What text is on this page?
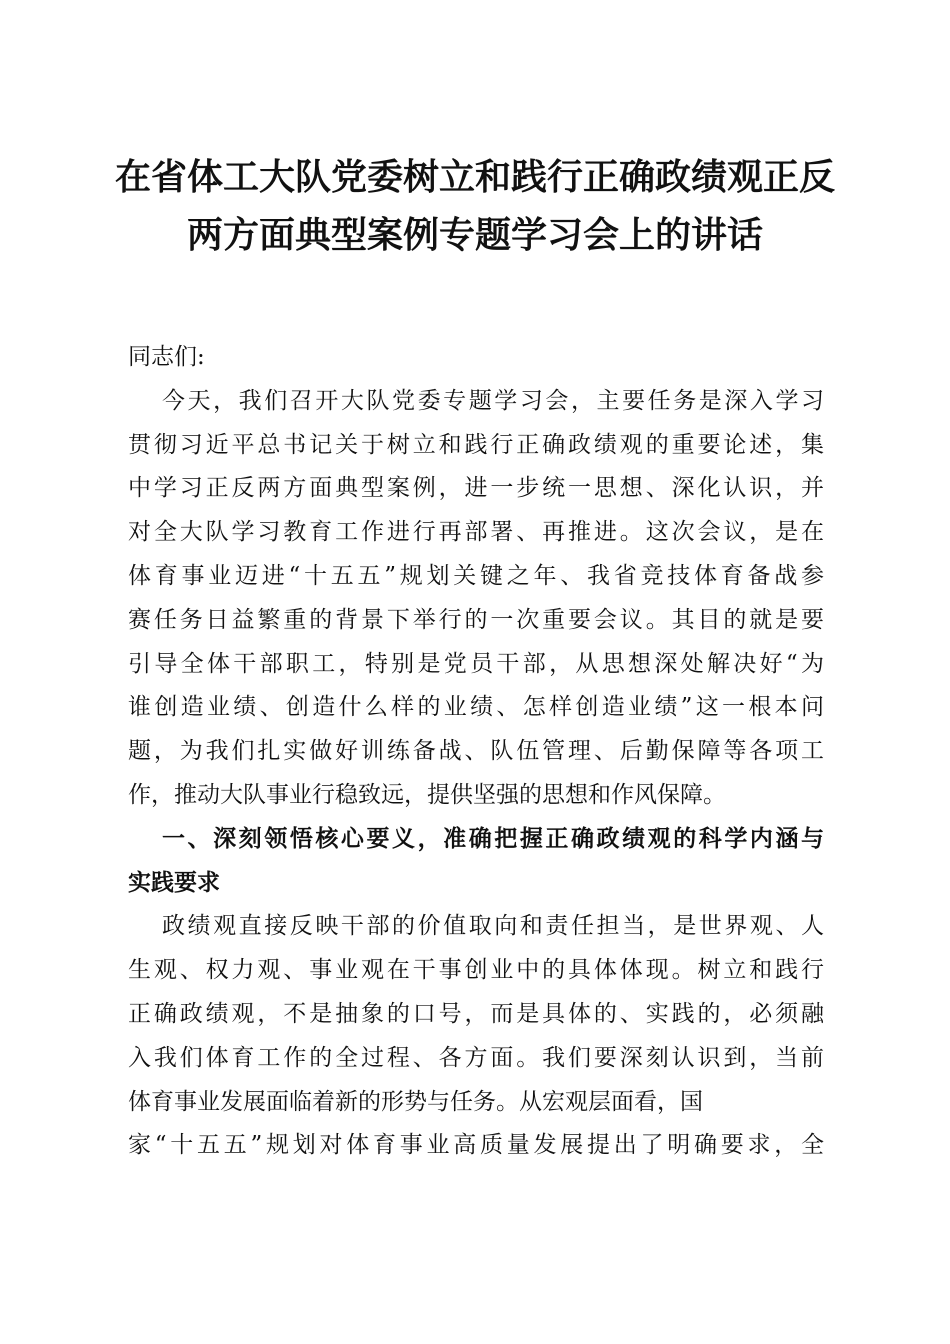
在省体工大队党委树立和践行正确政绩观正反
两方面典型案例专题学习会上的讲话
同志们:
今天，我们召开大队党委专题学习会，主要任务是深入学习
贯彻习近平总书记关于树立和践行正确政绩观的重要论述，集
中学习正反两方面典型案例，进一步统一思想、深化认识，并
对全大队学习教育工作进行再部署、再推进。这次会议，是在
体育事业迈进“十五五”规划关键之年、我省竞技体育备战参
赛任务日益繁重的背景下举行的一次重要会议。其目的就是要
引导全体干部职工，特别是党员干部，从思想深处解决好“为
谁创造业绩、创造什么样的业绩、怎样创造业绩”这一根本问
题，为我们扎实做好训练备战、队伍管理、后勤保障等各项工
作，推动大队事业行稳致远，提供坚强的思想和作风保障。
一、深刻领悟核心要义，准确把握正确政绩观的科学内涵与
实践要求
政绩观直接反映干部的价值取向和责任担当，是世界观、人
生观、权力观、事业观在干事创业中的具体体现。树立和践行
正确政绩观，不是抽象的口号，而是具体的、实践的，必须融
入我们体育工作的全过程、各方面。我们要深刻认识到，当前
体育事业发展面临着新的形势与任务。从宏观层面看，国
家“十五五”规划对体育事业高质量发展提出了明确要求，全
